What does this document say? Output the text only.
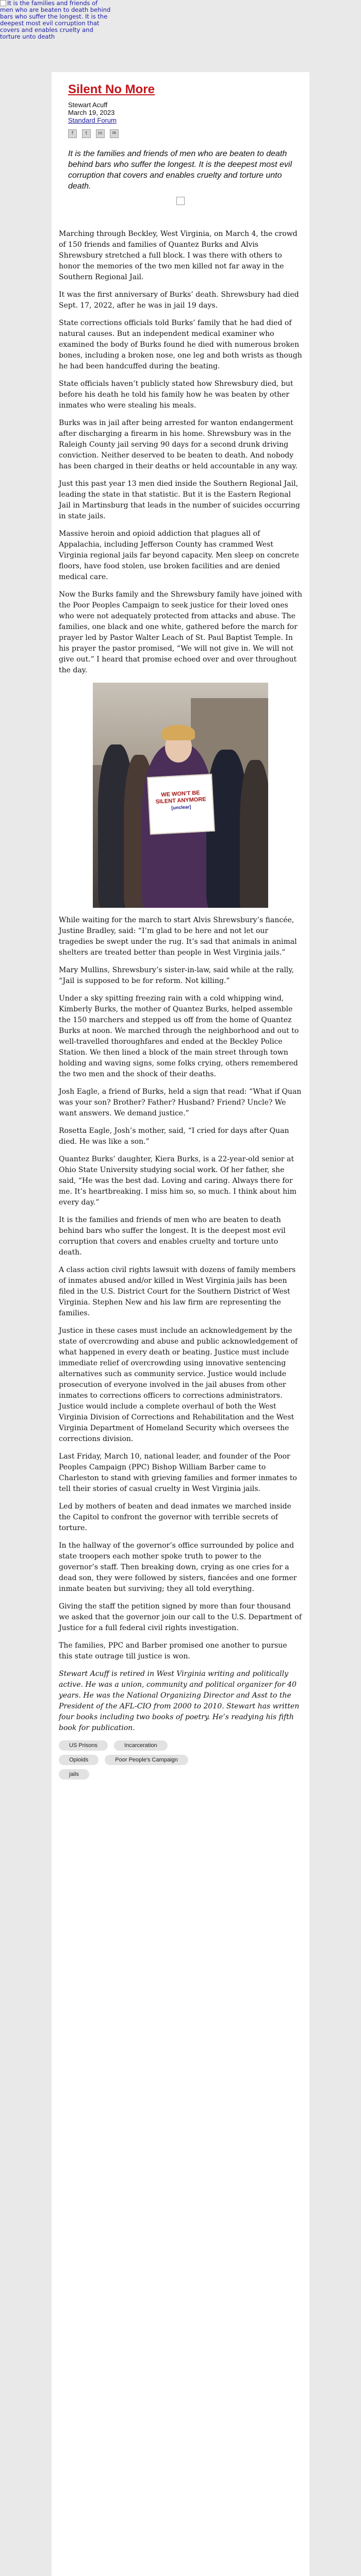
It is the families and friends of men who are beaten to death behind bars who suffer the longest. It is the deepest most evil corruption that covers and enables cruelty and torture unto death
Silent No More
Stewart Acuff
March 19, 2023
Standard Forum
f	t	in	✉

It is the families and friends of men who are beaten to death behind bars who suffer the longest. It is the deepest most evil corruption that covers and enables cruelty and torture unto death.

Marching through Beckley, West Virginia, on March 4, the crowd of 150 friends and families of Quantez Burks and Alvis Shrewsbury stretched a full block. I was there with others to honor the memories of the two men killed not far away in the Southern Regional Jail.

It was the first anniversary of Burks’ death. Shrewsbury had died Sept. 17, 2022, after he was in jail 19 days.

State corrections officials told Burks’ family that he had died of natural causes. But an independent medical examiner who examined the body of Burks found he died with numerous broken bones, including a broken nose, one leg and both wrists as though he had been handcuffed during the beating.

State officials haven’t publicly stated how Shrewsbury died, but before his death he told his family how he was beaten by other inmates who were stealing his meals.

Burks was in jail after being arrested for wanton endangerment after discharging a firearm in his home. Shrewsbury was in the Raleigh County jail serving 90 days for a second drunk driving conviction. Neither deserved to be beaten to death. And nobody has been charged in their deaths or held accountable in any way.

Just this past year 13 men died inside the Southern Regional Jail, leading the state in that statistic. But it is the Eastern Regional Jail in Martinsburg that leads in the number of suicides occurring in state jails.

Massive heroin and opioid addiction that plagues all of Appalachia, including Jefferson County has crammed West Virginia regional jails far beyond capacity. Men sleep on concrete floors, have food stolen, use broken facilities and are denied medical care.

Now the Burks family and the Shrewsbury family have joined with the Poor Peoples Campaign to seek justice for their loved ones who were not adequately protected from attacks and abuse. The families, one black and one white, gathered before the march for prayer led by Pastor Walter Leach of St. Paul Baptist Temple. In his prayer the pastor promised, “We will not give in. We will not give out.” I heard that promise echoed over and over throughout the day.

WE WON'T BE
SILENT ANYMORE
[unclear]

While waiting for the march to start Alvis Shrewsbury’s fiancée, Justine Bradley, said: “I’m glad to be here and not let our tragedies be swept under the rug. It’s sad that animals in animal shelters are treated better than people in West Virginia jails.”

Mary Mullins, Shrewsbury’s sister-in-law, said while at the rally, “Jail is supposed to be for reform. Not killing.”

Under a sky spitting freezing rain with a cold whipping wind, Kimberly Burks, the mother of Quantez Burks, helped assemble the 150 marchers and stepped us off from the home of Quantez Burks at noon. We marched through the neighborhood and out to well-travelled thoroughfares and ended at the Beckley Police Station. We then lined a block of the main street through town holding and waving signs, some folks crying, others remembered the two men and the shock of their deaths.

Josh Eagle, a friend of Burks, held a sign that read: “What if Quan was your son? Brother? Father? Husband? Friend? Uncle? We want answers. We demand justice.”

Rosetta Eagle, Josh’s mother, said, “I cried for days after Quan died. He was like a son.”

Quantez Burks’ daughter, Kiera Burks, is a 22-year-old senior at Ohio State University studying social work. Of her father, she said, “He was the best dad. Loving and caring. Always there for me. It’s heartbreaking. I miss him so, so much. I think about him every day.”

It is the families and friends of men who are beaten to death behind bars who suffer the longest. It is the deepest most evil corruption that covers and enables cruelty and torture unto death.

A class action civil rights lawsuit with dozens of family members of inmates abused and/or killed in West Virginia jails has been filed in the U.S. District Court for the Southern District of West Virginia. Stephen New and his law firm are representing the families.

Justice in these cases must include an acknowledgement by the state of overcrowding and abuse and public acknowledgement of what happened in every death or beating. Justice must include immediate relief of overcrowding using innovative sentencing alternatives such as community service. Justice would include prosecution of everyone involved in the jail abuses from other inmates to corrections officers to corrections administrators. Justice would include a complete overhaul of both the West Virginia Division of Corrections and Rehabilitation and the West Virginia Department of Homeland Security which oversees the corrections division.

Last Friday, March 10, national leader, and founder of the Poor Peoples Campaign (PPC) Bishop William Barber came to Charleston to stand with grieving families and former inmates to tell their stories of casual cruelty in West Virginia jails.

Led by mothers of beaten and dead inmates we marched inside the Capitol to confront the governor with terrible secrets of torture.

In the hallway of the governor’s office surrounded by police and state troopers each mother spoke truth to power to the governor’s staff. Then breaking down, crying as one cries for a dead son, they were followed by sisters, fiancées and one former inmate beaten but surviving; they all told everything.

Giving the staff the petition signed by more than four thousand we asked that the governor join our call to the U.S. Department of Justice for a full federal civil rights investigation.

The families, PPC and Barber promised one another to pursue this state outrage till justice is won.

Stewart Acuff is retired in West Virginia writing and politically active. He was a union, community and political organizer for 40 years. He was the National Organizing Director and Asst to the President of the AFL-CIO from 2000 to 2010. Stewart has written four books including two books of poetry. He’s readying his fifth book for publication.

US Prisons	Incarceration
Opioids	Poor People's Campaign
jails
